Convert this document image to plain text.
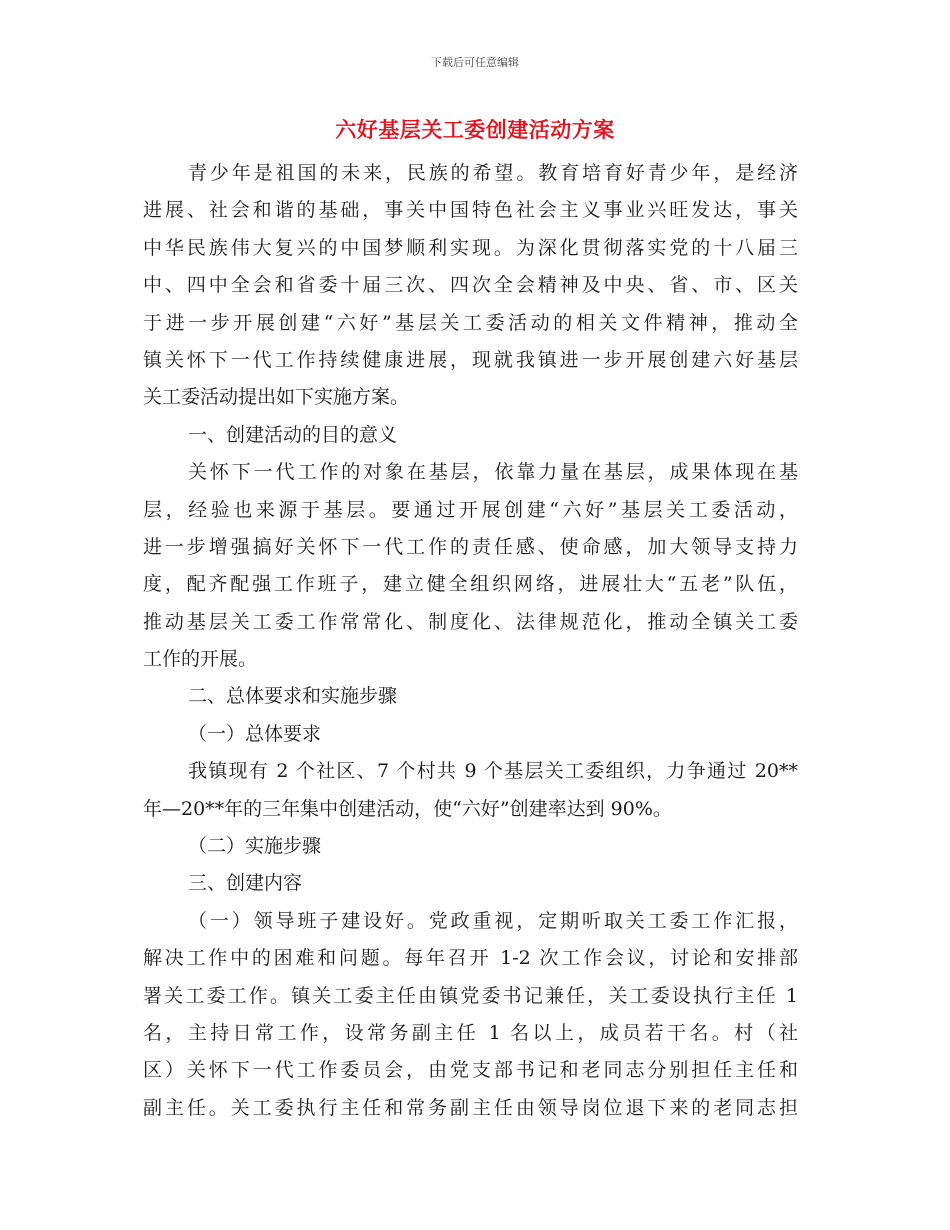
下载后可任意编辑
六好基层关工委创建活动方案
青少年是祖国的未来，民族的希望。教育培育好青少年，是经济
进展、社会和谐的基础，事关中国特色社会主义事业兴旺发达，事关
中华民族伟大复兴的中国梦顺利实现。为深化贯彻落实党的十八届三
中、四中全会和省委十届三次、四次全会精神及中央、省、市、区关
于进一步开展创建“六好”基层关工委活动的相关文件精神，推动全
镇关怀下一代工作持续健康进展，现就我镇进一步开展创建六好基层
关工委活动提出如下实施方案。
一、创建活动的目的意义
关怀下一代工作的对象在基层，依靠力量在基层，成果体现在基
层，经验也来源于基层。要通过开展创建“六好”基层关工委活动，
进一步增强搞好关怀下一代工作的责任感、使命感，加大领导支持力
度，配齐配强工作班子，建立健全组织网络，进展壮大“五老”队伍，
推动基层关工委工作常常化、制度化、法律规范化，推动全镇关工委
工作的开展。
二、总体要求和实施步骤
（一）总体要求
我镇现有 2 个社区、7 个村共 9 个基层关工委组织，力争通过 20**
年—20**年的三年集中创建活动，使“六好”创建率达到 90%。
（二）实施步骤
三、创建内容
（一）领导班子建设好。党政重视，定期听取关工委工作汇报，
解决工作中的困难和问题。每年召开 1-2 次工作会议，讨论和安排部
署关工委工作。镇关工委主任由镇党委书记兼任，关工委设执行主任 1
名，主持日常工作，设常务副主任 1 名以上，成员若干名。村（社
区）关怀下一代工作委员会，由党支部书记和老同志分别担任主任和
副主任。关工委执行主任和常务副主任由领导岗位退下来的老同志担
